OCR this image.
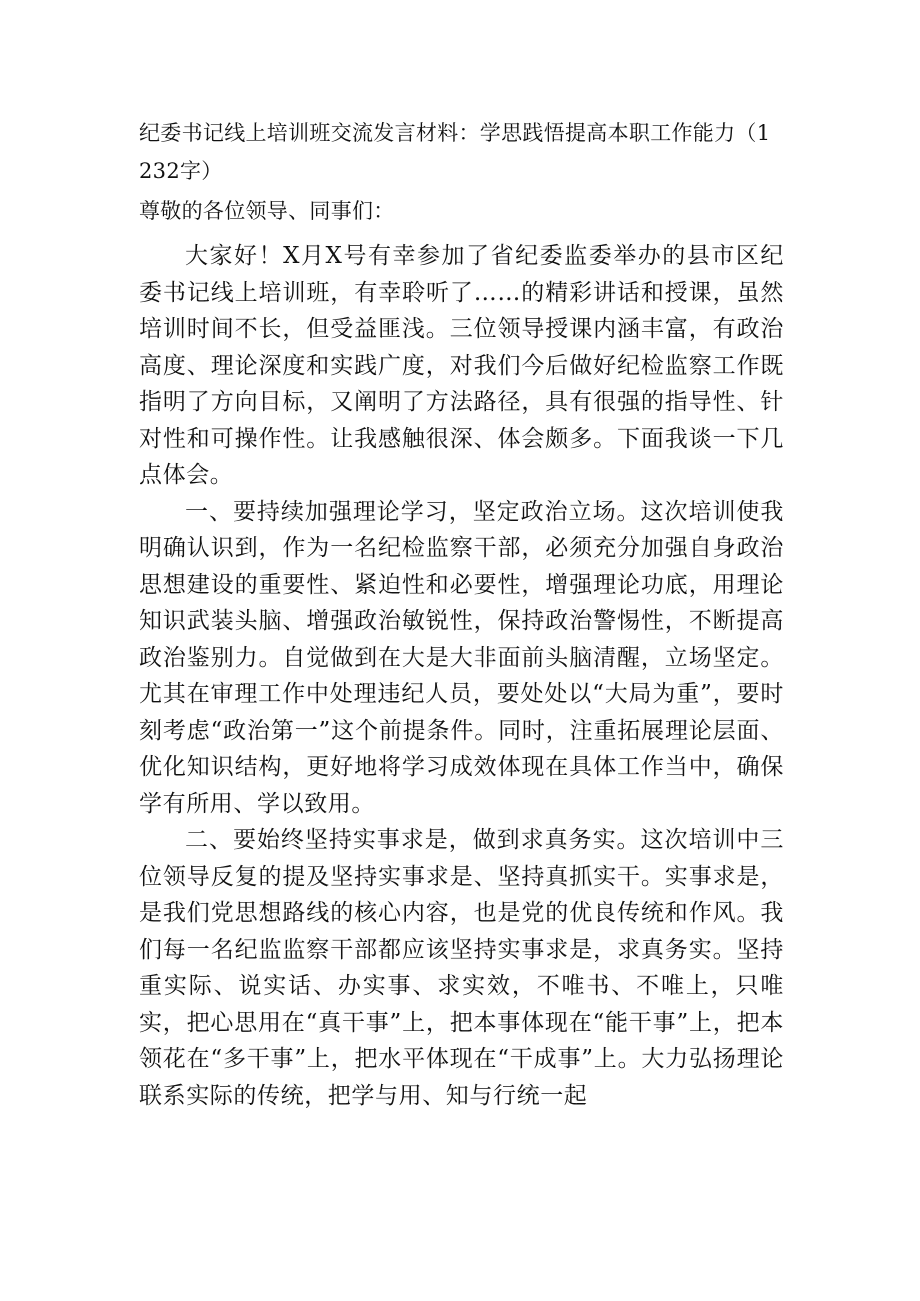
纪委书记线上培训班交流发言材料：学思践悟提高本职工作能力（1232字）

尊敬的各位领导、同事们：

大家好！X月X号有幸参加了省纪委监委举办的县市区纪委书记线上培训班，有幸聆听了……的精彩讲话和授课，虽然培训时间不长，但受益匪浅。三位领导授课内涵丰富，有政治高度、理论深度和实践广度，对我们今后做好纪检监察工作既指明了方向目标，又阐明了方法路径，具有很强的指导性、针对性和可操作性。让我感触很深、体会颇多。下面我谈一下几点体会。

一、要持续加强理论学习，坚定政治立场。这次培训使我明确认识到，作为一名纪检监察干部，必须充分加强自身政治思想建设的重要性、紧迫性和必要性，增强理论功底，用理论知识武装头脑、增强政治敏锐性，保持政治警惕性，不断提高政治鉴别力。自觉做到在大是大非面前头脑清醒，立场坚定。尤其在审理工作中处理违纪人员，要处处以“大局为重”，要时刻考虑“政治第一”这个前提条件。同时，注重拓展理论层面、优化知识结构，更好地将学习成效体现在具体工作当中，确保学有所用、学以致用。

二、要始终坚持实事求是，做到求真务实。这次培训中三位领导反复的提及坚持实事求是、坚持真抓实干。实事求是，是我们党思想路线的核心内容，也是党的优良传统和作风。我们每一名纪监监察干部都应该坚持实事求是，求真务实。坚持重实际、说实话、办实事、求实效，不唯书、不唯上，只唯实，把心思用在“真干事”上，把本事体现在“能干事”上，把本领花在“多干事”上，把水平体现在“干成事”上。大力弘扬理论联系实际的传统，把学与用、知与行统一起
